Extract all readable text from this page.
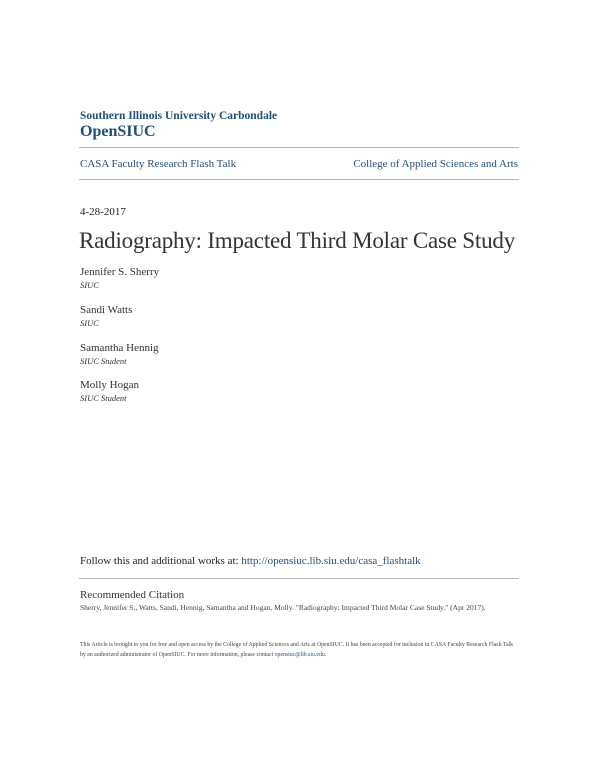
Southern Illinois University Carbondale
OpenSIUC
CASA Faculty Research Flash Talk	College of Applied Sciences and Arts
4-28-2017
Radiography: Impacted Third Molar Case Study
Jennifer S. Sherry
SIUC
Sandi Watts
SIUC
Samantha Hennig
SIUC Student
Molly Hogan
SIUC Student
Follow this and additional works at: http://opensiuc.lib.siu.edu/casa_flashtalk
Recommended Citation
Sherry, Jennifer S., Watts, Sandi, Hennig, Samantha and Hogan, Molly. "Radiography: Impacted Third Molar Case Study." (Apr 2017).
This Article is brought to you for free and open access by the College of Applied Sciences and Arts at OpenSIUC. It has been accepted for inclusion in CASA Faculty Research Flash Talk by an authorized administrator of OpenSIUC. For more information, please contact opensiuc@lib.siu.edu.
